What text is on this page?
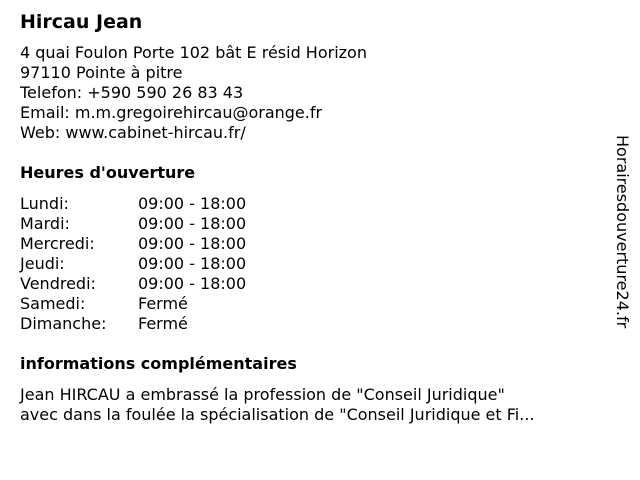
Hircau Jean
4 quai Foulon Porte 102 bât E résid Horizon
97110 Pointe à pitre
Telefon: +590 590 26 83 43
Email: m.m.gregoirehircau@orange.fr
Web: www.cabinet-hircau.fr/
Heures d'ouverture
Lundi:	09:00 - 18:00
Mardi:	09:00 - 18:00
Mercredi:	09:00 - 18:00
Jeudi:	09:00 - 18:00
Vendredi:	09:00 - 18:00
Samedi:	Fermé
Dimanche:	Fermé
informations complémentaires
Jean HIRCAU a embrassé la profession de "Conseil Juridique"
avec dans la foulée la spécialisation de "Conseil Juridique et Fi...
Horairesdouverture24.fr
